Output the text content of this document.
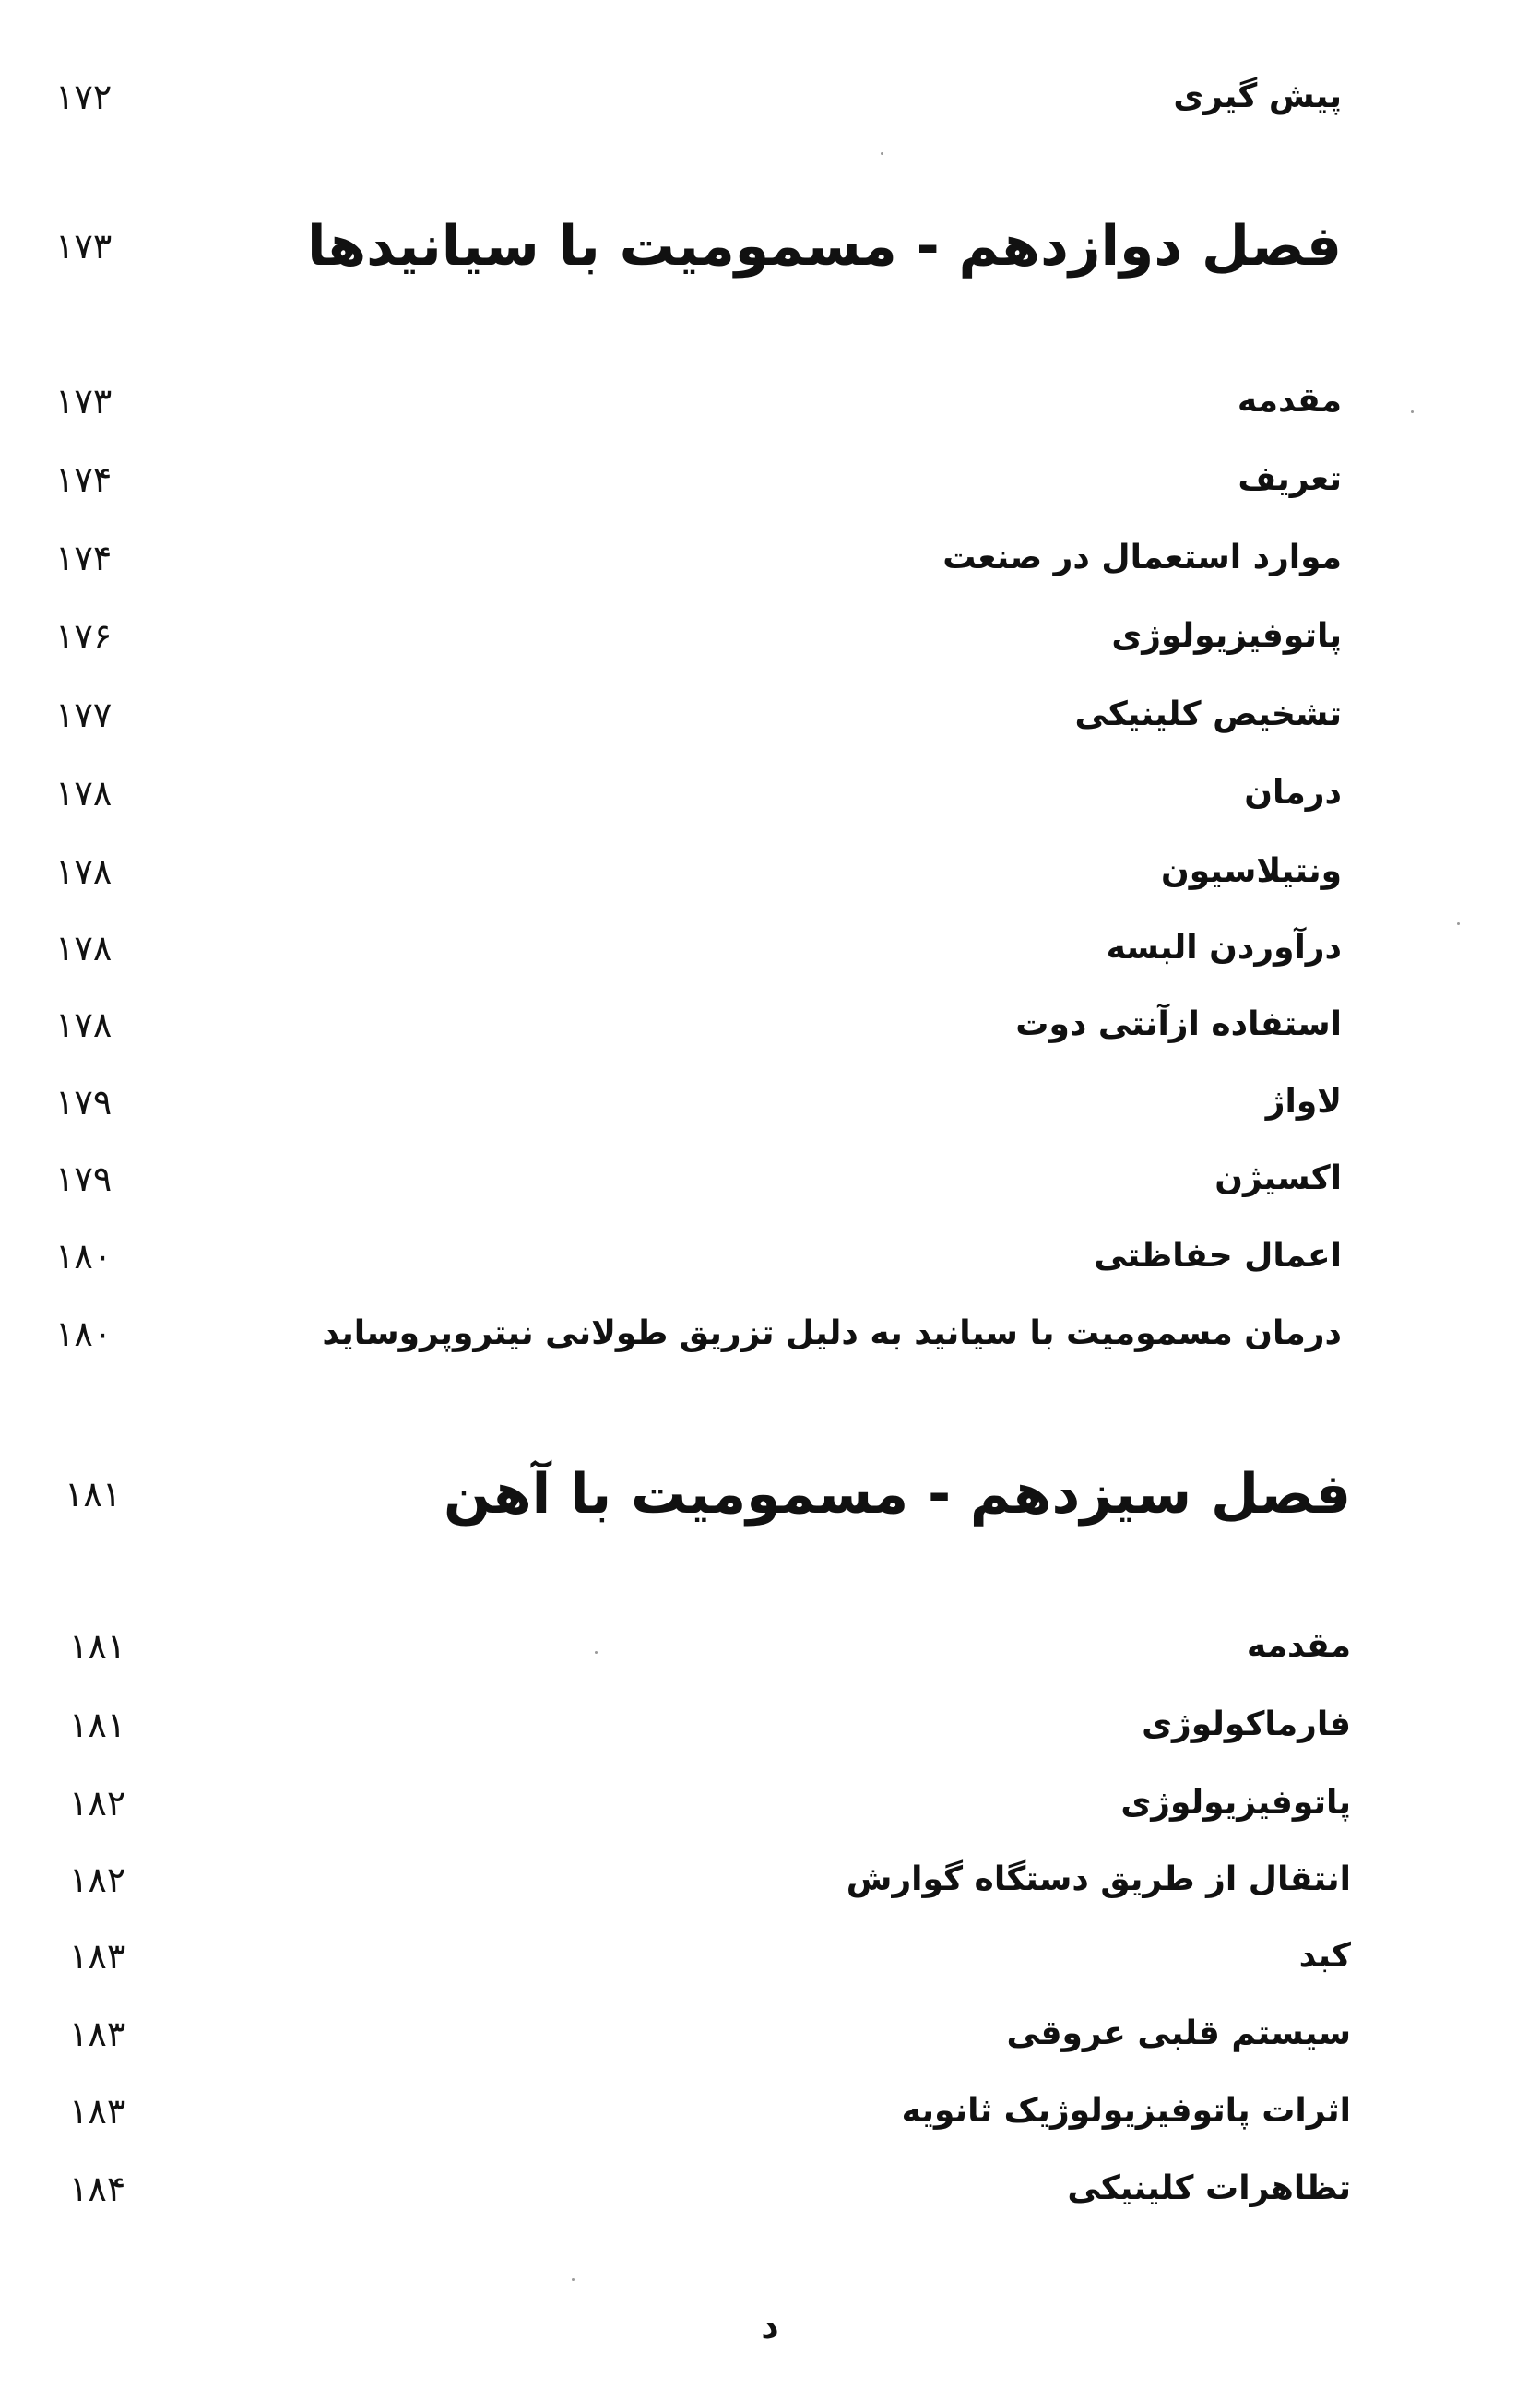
پیش گیری
۱۷۲
فصل دوازدهم - مسمومیت با سیانیدها
۱۷۳
مقدمه
۱۷۳
تعریف
۱۷۴
موارد استعمال در صنعت
۱۷۴
پاتوفیزیولوژی
۱۷۶
تشخیص کلینیکی
۱۷۷
درمان
۱۷۸
ونتیلاسیون
۱۷۸
درآوردن البسه
۱۷۸
استفاده ازآنتی دوت
۱۷۸
لاواژ
۱۷۹
اکسیژن
۱۷۹
اعمال حفاظتی
۱۸۰
درمان مسمومیت با سیانید به دلیل تزریق طولانی نیتروپروساید
۱۸۰
فصل سیزدهم - مسمومیت با آهن
۱۸۱
مقدمه
۱۸۱
فارماکولوژی
۱۸۱
پاتوفیزیولوژی
۱۸۲
انتقال از طریق دستگاه گوارش
۱۸۲
کبد
۱۸۳
سیستم قلبی عروقی
۱۸۳
اثرات پاتوفیزیولوژیک ثانویه
۱۸۳
تظاهرات کلینیکی
۱۸۴
د
